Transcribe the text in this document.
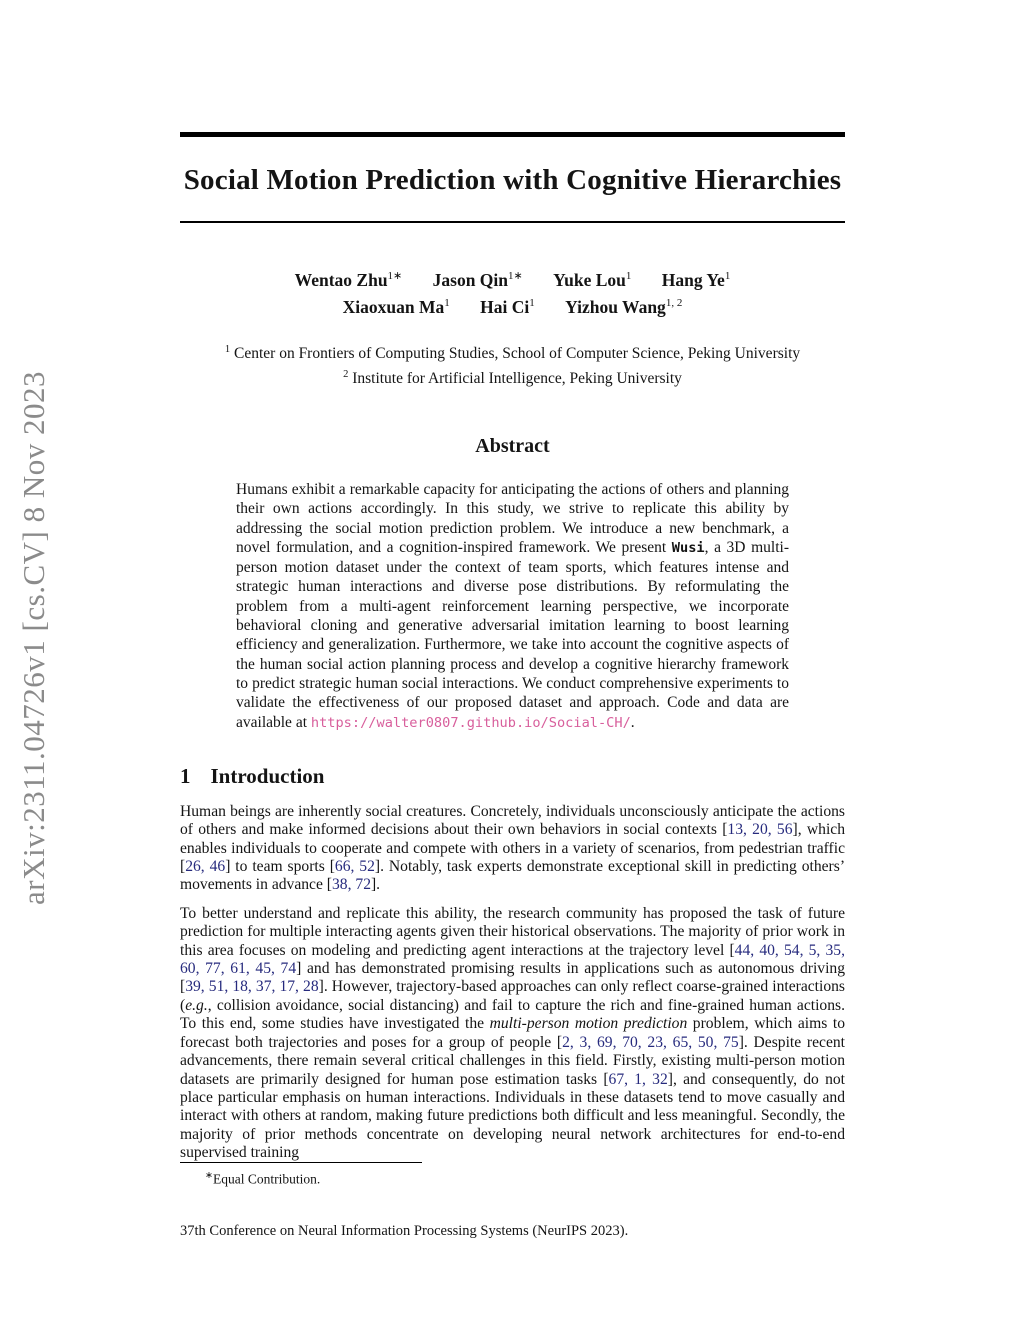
arXiv:2311.04726v1 [cs.CV] 8 Nov 2023
Social Motion Prediction with Cognitive Hierarchies
Wentao Zhu$^{1∗}$ Jason Qin$^{1∗}$ Yuke Lou$^1$ Hang Ye$^1$
Xiaoxuan Ma$^1$ Hai Ci$^1$ Yizhou Wang$^{1, 2}$
$^1$ Center on Frontiers of Computing Studies, School of Computer Science, Peking University
$^2$ Institute for Artificial Intelligence, Peking University
Abstract
Humans exhibit a remarkable capacity for anticipating the actions of others and planning their own actions accordingly. In this study, we strive to replicate this ability by addressing the social motion prediction problem. We introduce a new benchmark, a novel formulation, and a cognition-inspired framework. We present Wusi, a 3D multi-person motion dataset under the context of team sports, which features intense and strategic human interactions and diverse pose distributions. By reformulating the problem from a multi-agent reinforcement learning perspective, we incorporate behavioral cloning and generative adversarial imitation learning to boost learning efficiency and generalization. Furthermore, we take into account the cognitive aspects of the human social action planning process and develop a cognitive hierarchy framework to predict strategic human social interactions. We conduct comprehensive experiments to validate the effectiveness of our proposed dataset and approach. Code and data are available at https://walter0807.github.io/Social-CH/.
1 Introduction
Human beings are inherently social creatures. Concretely, individuals unconsciously anticipate the actions of others and make informed decisions about their own behaviors in social contexts [13, 20, 56], which enables individuals to cooperate and compete with others in a variety of scenarios, from pedestrian traffic [26, 46] to team sports [66, 52]. Notably, task experts demonstrate exceptional skill in predicting others’ movements in advance [38, 72].
To better understand and replicate this ability, the research community has proposed the task of future prediction for multiple interacting agents given their historical observations. The majority of prior work in this area focuses on modeling and predicting agent interactions at the trajectory level [44, 40, 54, 5, 35, 60, 77, 61, 45, 74] and has demonstrated promising results in applications such as autonomous driving [39, 51, 18, 37, 17, 28]. However, trajectory-based approaches can only reflect coarse-grained interactions (e.g., collision avoidance, social distancing) and fail to capture the rich and fine-grained human actions. To this end, some studies have investigated the multi-person motion prediction problem, which aims to forecast both trajectories and poses for a group of people [2, 3, 69, 70, 23, 65, 50, 75]. Despite recent advancements, there remain several critical challenges in this field. Firstly, existing multi-person motion datasets are primarily designed for human pose estimation tasks [67, 1, 32], and consequently, do not place particular emphasis on human interactions. Individuals in these datasets tend to move casually and interact with others at random, making future predictions both difficult and less meaningful. Secondly, the majority of prior methods concentrate on developing neural network architectures for end-to-end supervised training
∗Equal Contribution.
37th Conference on Neural Information Processing Systems (NeurIPS 2023).
